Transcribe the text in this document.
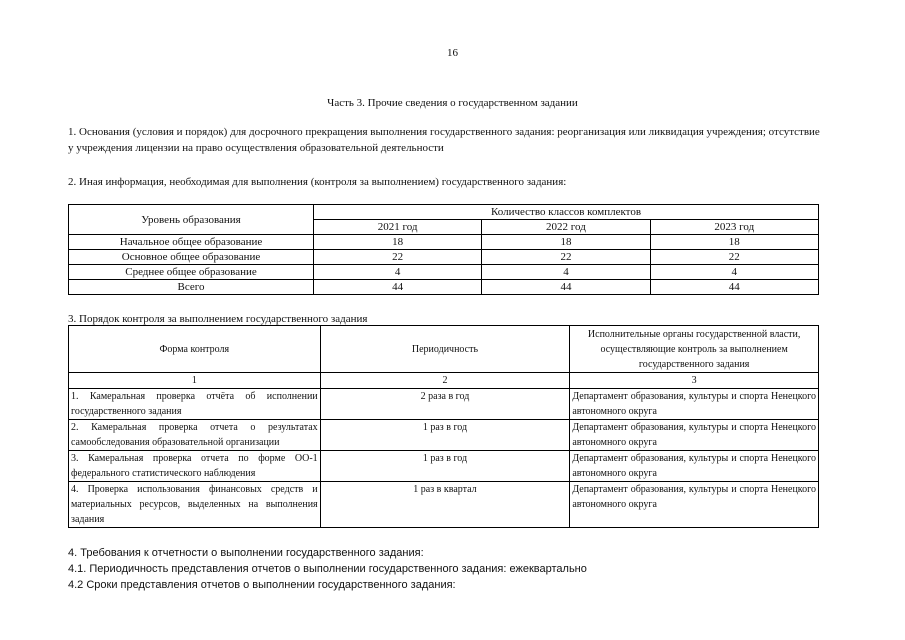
16
Часть 3. Прочие сведения о государственном задании
1. Основания (условия и порядок) для досрочного прекращения выполнения государственного задания: реорганизация или ликвидация учреждения; отсутствие у учреждения лицензии на право осуществления образовательной деятельности
2. Иная информация, необходимая для выполнения (контроля за выполнением) государственного задания:
Уровень образования	Количество классов комплектов		
	2021 год	2022 год	2023 год
Начальное общее образование	18	18	18
Основное общее образование	22	22	22
Среднее общее образование	4	4	4
Всего	44	44	44
3. Порядок контроля за выполнением государственного задания
Форма контроля	Периодичность	Исполнительные органы государственной власти, осуществляющие контроль за выполнением государственного задания
1	2	3
1. Камеральная проверка отчёта об исполнении государственного задания	2 раза в год	Департамент образования, культуры и спорта Ненецкого автономного округа
2. Камеральная проверка отчета о результатах самообследования образовательной организации	1 раз в год	Департамент образования, культуры и спорта Ненецкого автономного округа
3. Камеральная проверка отчета по форме ОО-1 федерального статистического наблюдения	1 раз в год	Департамент образования, культуры и спорта Ненецкого автономного округа
4. Проверка использования финансовых средств и материальных ресурсов, выделенных на выполнения задания	1 раз в квартал	Департамент образования, культуры и спорта Ненецкого автономного округа
4. Требования к отчетности о выполнении государственного задания:
4.1. Периодичность представления отчетов о выполнении государственного задания: ежеквартально
4.2 Сроки представления отчетов о выполнении государственного задания:
